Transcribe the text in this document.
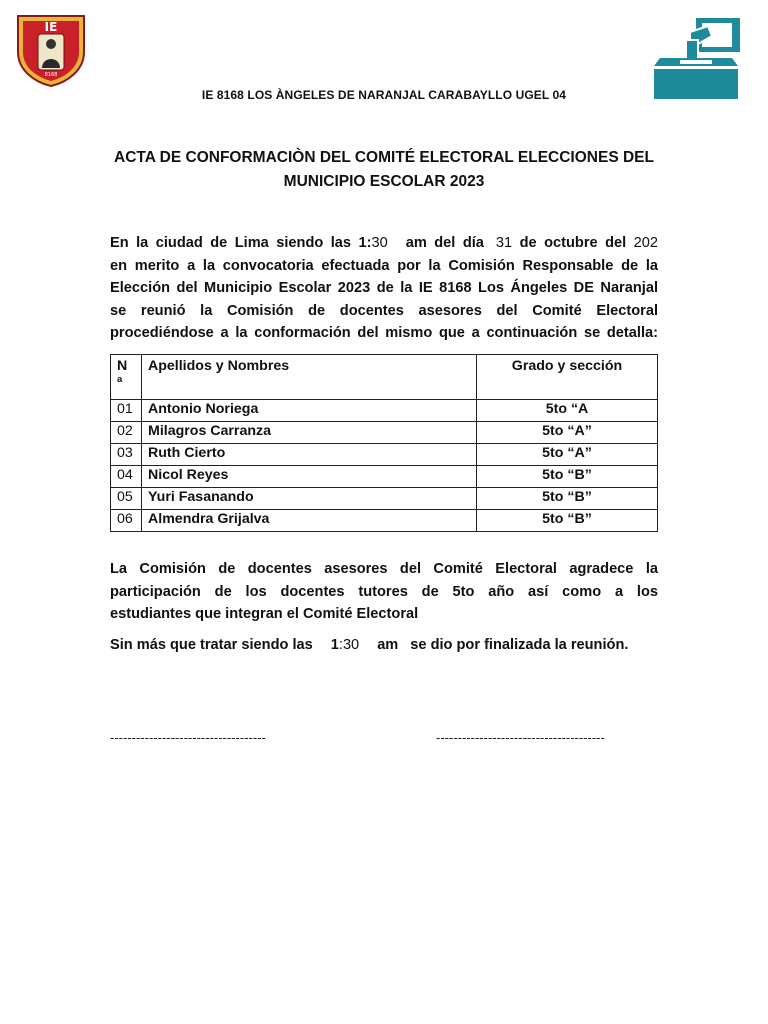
IE
8168
IE 8168 LOS ÀNGELES DE NARANJAL CARABAYLLO UGEL 04
ACTA DE CONFORMACIÒN DEL COMITÉ ELECTORAL ELECCIONES DEL
MUNICIPIO ESCOLAR 2023
En la ciudad de Lima siendo las 1:30 am del día 31 de octubre del 202
en merito a la convocatoria efectuada por la Comisión Responsable de la
Elección del Municipio Escolar 2023 de la IE 8168 Los Ángeles DE Naranjal
se reunió la Comisión de docentes asesores del Comité Electoral
procediéndose a la conformación del mismo que a continuación se detalla:
N
ª	Apellidos y Nombres	Grado y sección
01	Antonio Noriega	5to “A
02	Milagros Carranza	5to “A”
03	Ruth Cierto	5to “A”
04	Nicol Reyes	5to “B”
05	Yuri Fasanando	5to “B”
06	Almendra Grijalva	5to “B”
La Comisión de docentes asesores del Comité Electoral agradece la
participación de los docentes tutores de 5to año así como a los
estudiantes que integran el Comité Electoral
Sin más que tratar siendo las 1:30 am se dio por finalizada la reunión.
------------------------------------	---------------------------------------
